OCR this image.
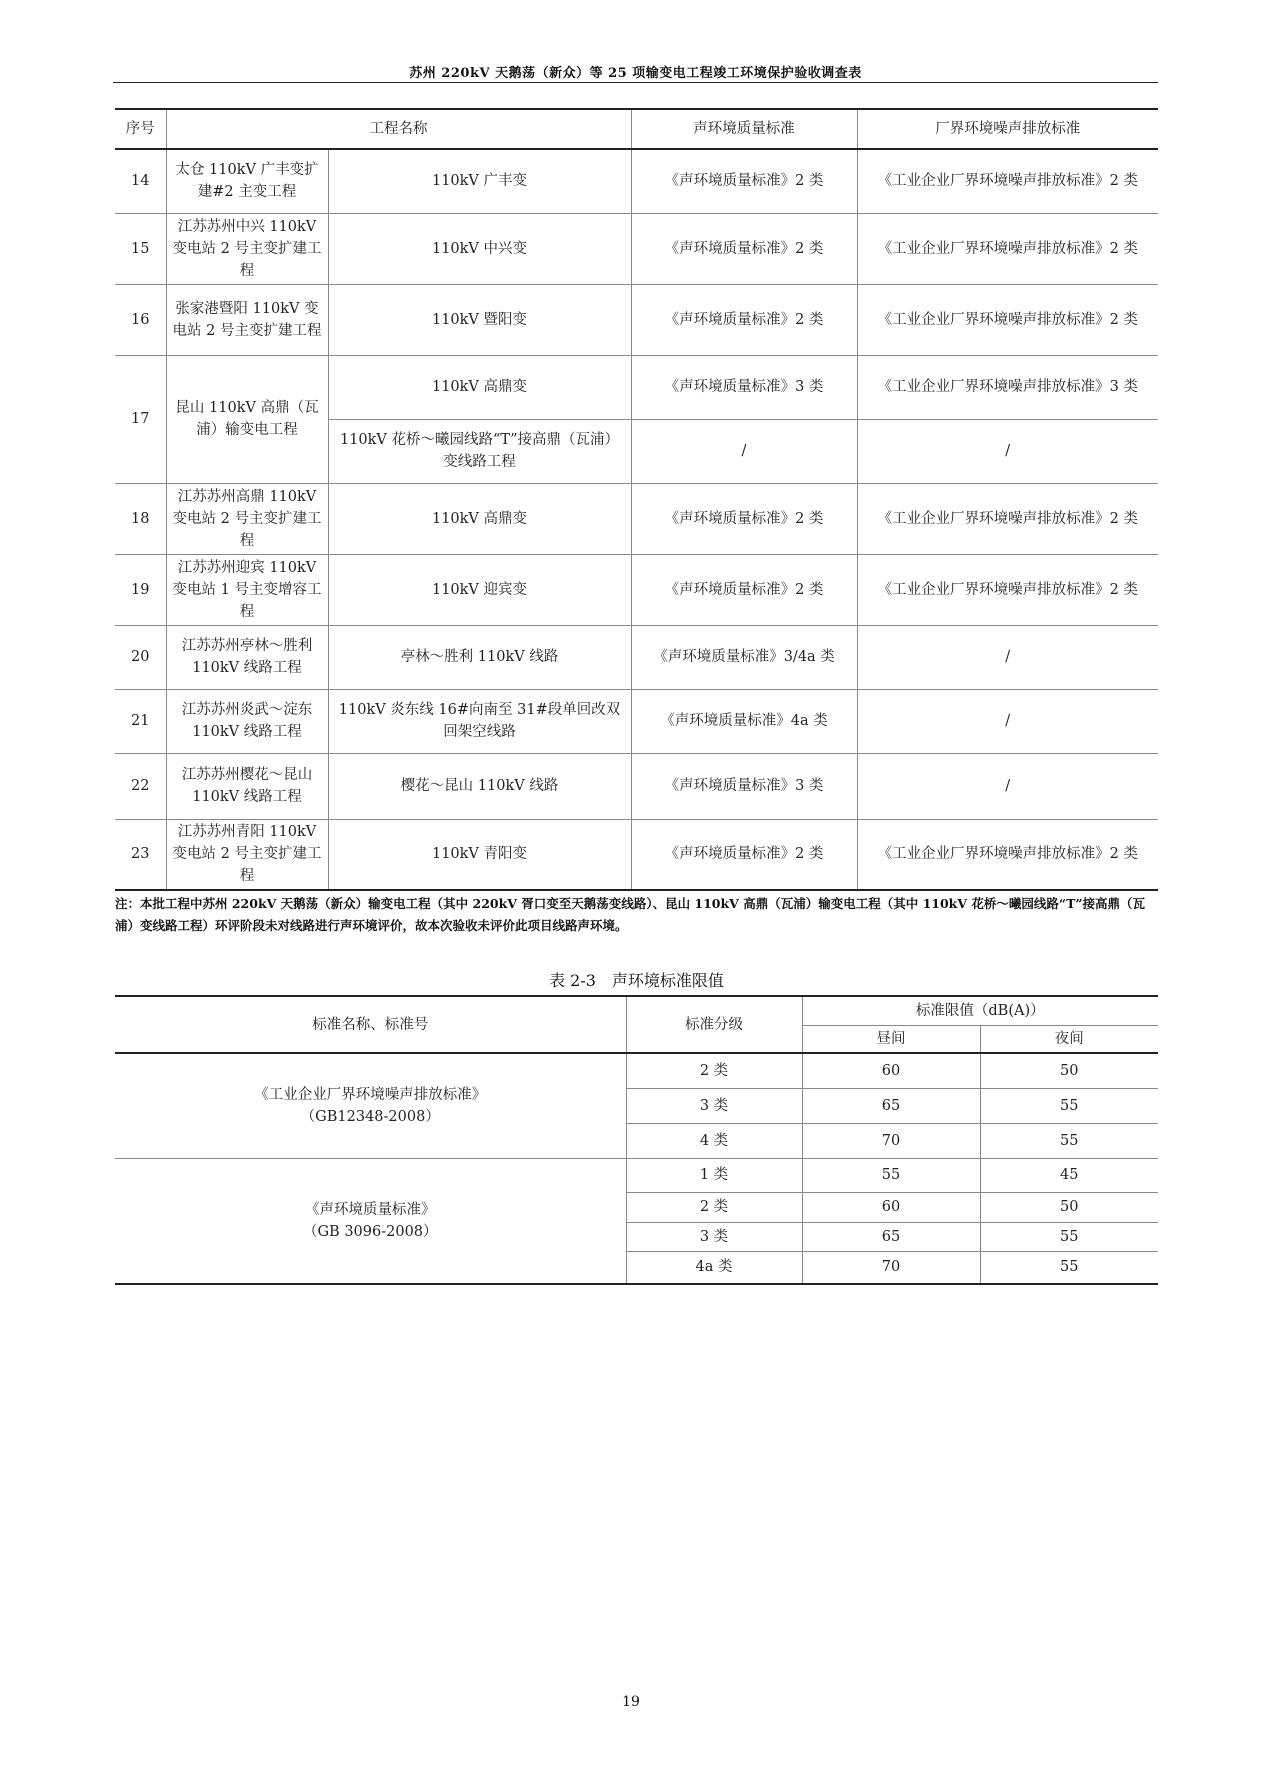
苏州 220kV 天鹅荡（新众）等 25 项输变电工程竣工环境保护验收调查表
序号	工程名称		声环境质量标准	厂界环境噪声排放标准
14	太仓 110kV 广丰变扩建#2 主变工程	110kV 广丰变	《声环境质量标准》2 类	《工业企业厂界环境噪声排放标准》2 类
15	江苏苏州中兴 110kV 变电站 2 号主变扩建工程	110kV 中兴变	《声环境质量标准》2 类	《工业企业厂界环境噪声排放标准》2 类
16	张家港暨阳 110kV 变电站 2 号主变扩建工程	110kV 暨阳变	《声环境质量标准》2 类	《工业企业厂界环境噪声排放标准》2 类
17	昆山 110kV 高鼎（瓦浦）输变电工程	110kV 高鼎变	《声环境质量标准》3 类	《工业企业厂界环境噪声排放标准》3 类
		110kV 花桥～曦园线路“T”接高鼎（瓦浦）变线路工程	/	/
18	江苏苏州高鼎 110kV 变电站 2 号主变扩建工程	110kV 高鼎变	《声环境质量标准》2 类	《工业企业厂界环境噪声排放标准》2 类
19	江苏苏州迎宾 110kV 变电站 1 号主变增容工程	110kV 迎宾变	《声环境质量标准》2 类	《工业企业厂界环境噪声排放标准》2 类
20	江苏苏州亭林～胜利 110kV 线路工程	亭林～胜利 110kV 线路	《声环境质量标准》3/4a 类	/
21	江苏苏州炎武～淀东 110kV 线路工程	110kV 炎东线 16#向南至 31#段单回改双回架空线路	《声环境质量标准》4a 类	/
22	江苏苏州樱花～昆山 110kV 线路工程	樱花～昆山 110kV 线路	《声环境质量标准》3 类	/
23	江苏苏州青阳 110kV 变电站 2 号主变扩建工程	110kV 青阳变	《声环境质量标准》2 类	《工业企业厂界环境噪声排放标准》2 类
注：本批工程中苏州 220kV 天鹅荡（新众）输变电工程（其中 220kV 胥口变至天鹅荡变线路）、昆山 110kV 高鼎（瓦浦）输变电工程（其中 110kV 花桥～曦园线路“T”接高鼎（瓦浦）变线路工程）环评阶段未对线路进行声环境评价，故本次验收未评价此项目线路声环境。
表 2-3　声环境标准限值
标准名称、标准号	标准分级	标准限值（dB(A)）	
		昼间	夜间

《工业企业厂界环境噪声排放标准》
（GB12348-2008）	2 类	60	50
	3 类	65	55
	4 类	70	55

《声环境质量标准》
（GB 3096-2008）	1 类	55	45
	2 类	60	50
	3 类	65	55
	4a 类	70	55
19
